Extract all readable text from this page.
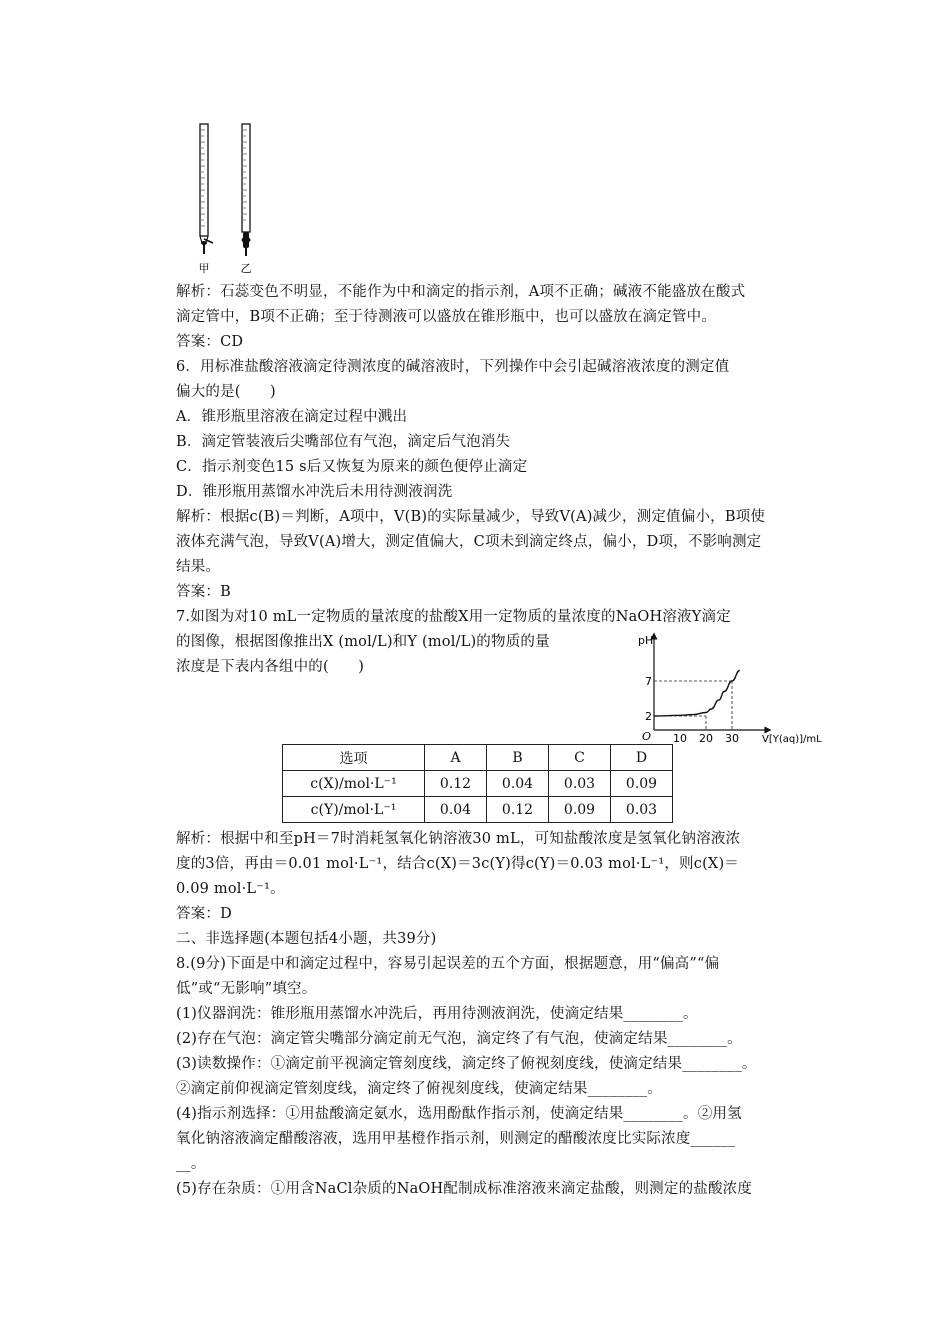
甲	乙
解析：石蕊变色不明显，不能作为中和滴定的指示剂，A项不正确；碱液不能盛放在酸式
滴定管中，B项不正确；至于待测液可以盛放在锥形瓶中，也可以盛放在滴定管中。
答案：CD
6．用标准盐酸溶液滴定待测浓度的碱溶液时，下列操作中会引起碱溶液浓度的测定值
偏大的是(　　)
A．锥形瓶里溶液在滴定过程中溅出
B．滴定管装液后尖嘴部位有气泡，滴定后气泡消失
C．指示剂变色15 s后又恢复为原来的颜色便停止滴定
D．锥形瓶用蒸馏水冲洗后未用待测液润洗
解析：根据c(B)＝判断，A项中，V(B)的实际量减少，导致V(A)减少，测定值偏小，B项使
液体充满气泡，导致V(A)增大，测定值偏大，C项未到滴定终点，偏小，D项，不影响测定
结果。
答案：B
7.如图为对10 mL一定物质的量浓度的盐酸X用一定物质的量浓度的NaOH溶液Y滴定
的图像，根据图像推出X (mol/L)和Y (mol/L)的物质的量
浓度是下表内各组中的(　　)
pH
O
7
2
10 20 30 V[Y(aq)]/mL
选项	A	B	C	D
c(X)/mol·L⁻¹	0.12	0.04	0.03	0.09
c(Y)/mol·L⁻¹	0.04	0.12	0.09	0.03
解析：根据中和至pH＝7时消耗氢氧化钠溶液30 mL，可知盐酸浓度是氢氧化钠溶液浓
度的3倍，再由＝0.01 mol·L⁻¹，结合c(X)＝3c(Y)得c(Y)＝0.03 mol·L⁻¹，则c(X)＝
0.09 mol·L⁻¹。
答案：D
二、非选择题(本题包括4小题，共39分)
8.(9分)下面是中和滴定过程中，容易引起误差的五个方面，根据题意，用“偏高”“偏
低”或“无影响”填空。
(1)仪器润洗：锥形瓶用蒸馏水冲洗后，再用待测液润洗，使滴定结果________。
(2)存在气泡：滴定管尖嘴部分滴定前无气泡，滴定终了有气泡，使滴定结果________。
(3)读数操作：①滴定前平视滴定管刻度线，滴定终了俯视刻度线，使滴定结果________。
②滴定前仰视滴定管刻度线，滴定终了俯视刻度线，使滴定结果________。
(4)指示剂选择：①用盐酸滴定氨水，选用酚酞作指示剂，使滴定结果________。②用氢
氧化钠溶液滴定醋酸溶液，选用甲基橙作指示剂，则测定的醋酸浓度比实际浓度______
__。
(5)存在杂质：①用含NaCl杂质的NaOH配制成标准溶液来滴定盐酸，则测定的盐酸浓度
